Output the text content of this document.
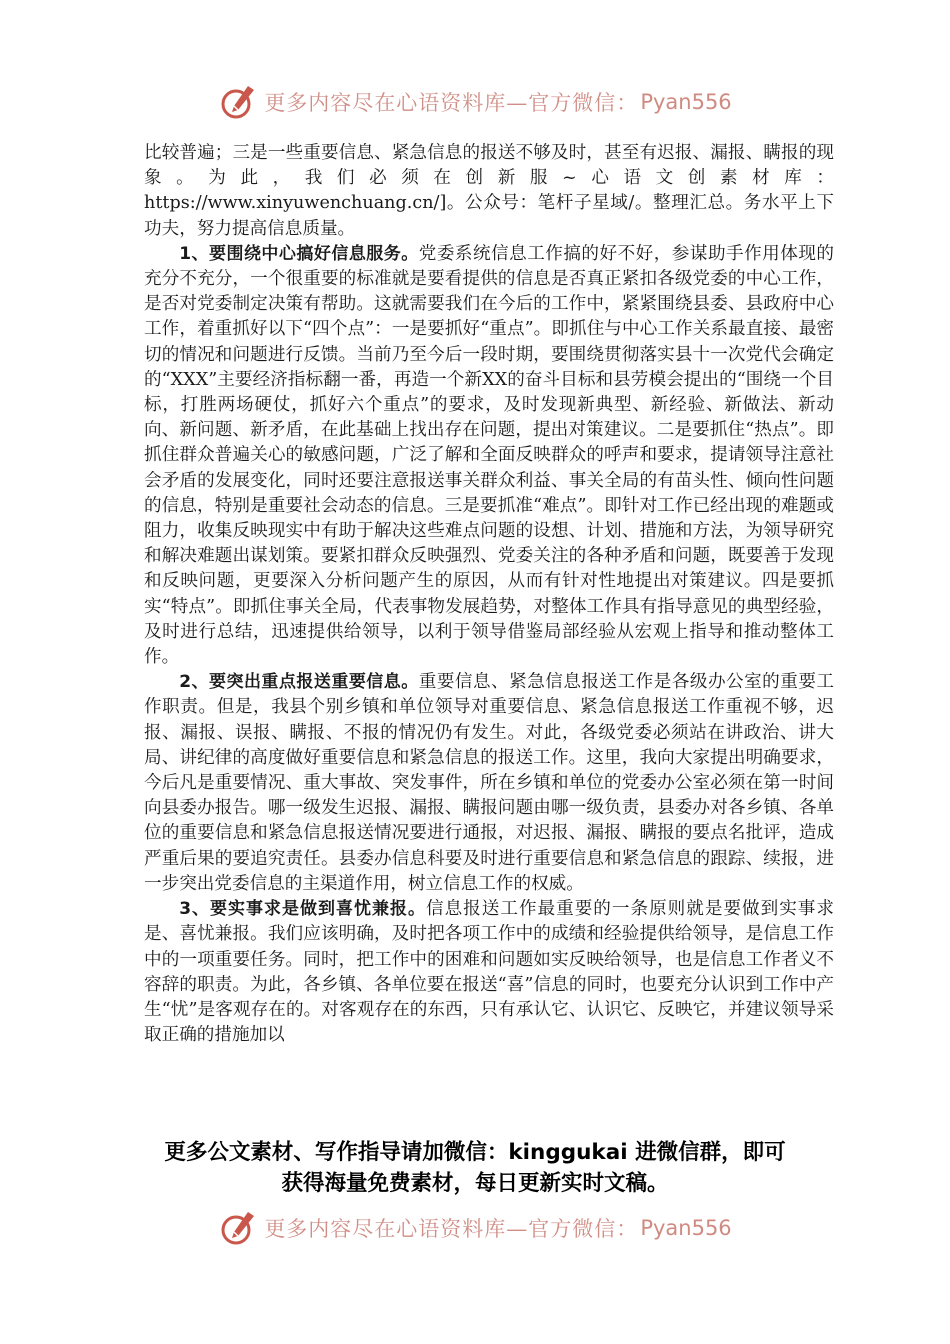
更多内容尽在心语资料库—官方微信： Pyan556

比较普遍；三是一些重要信息、紧急信息的报送不够及时，甚至有迟报、漏报、瞒报的现象。为此，我们必须在创新服~心语文创素材库：https://www.xinyuwenchuang.cn/]。公众号：笔杆子星域/。整理汇总。务水平上下功夫，努力提高信息质量。

1、要围绕中心搞好信息服务。党委系统信息工作搞的好不好，参谋助手作用体现的充分不充分，一个很重要的标准就是要看提供的信息是否真正紧扣各级党委的中心工作，是否对党委制定决策有帮助。这就需要我们在今后的工作中，紧紧围绕县委、县政府中心工作，着重抓好以下“四个点”：一是要抓好“重点”。即抓住与中心工作关系最直接、最密切的情况和问题进行反馈。当前乃至今后一段时期，要围绕贯彻落实县十一次党代会确定的“XXX”主要经济指标翻一番，再造一个新XX的奋斗目标和县劳模会提出的“围绕一个目标，打胜两场硬仗，抓好六个重点”的要求，及时发现新典型、新经验、新做法、新动向、新问题、新矛盾，在此基础上找出存在问题，提出对策建议。二是要抓住“热点”。即抓住群众普遍关心的敏感问题，广泛了解和全面反映群众的呼声和要求，提请领导注意社会矛盾的发展变化，同时还要注意报送事关群众利益、事关全局的有苗头性、倾向性问题的信息，特别是重要社会动态的信息。三是要抓准“难点”。即针对工作已经出现的难题或阻力，收集反映现实中有助于解决这些难点问题的设想、计划、措施和方法，为领导研究和解决难题出谋划策。要紧扣群众反映强烈、党委关注的各种矛盾和问题，既要善于发现和反映问题，更要深入分析问题产生的原因，从而有针对性地提出对策建议。四是要抓实“特点”。即抓住事关全局，代表事物发展趋势，对整体工作具有指导意见的典型经验，及时进行总结，迅速提供给领导，以利于领导借鉴局部经验从宏观上指导和推动整体工作。

2、要突出重点报送重要信息。重要信息、紧急信息报送工作是各级办公室的重要工作职责。但是，我县个别乡镇和单位领导对重要信息、紧急信息报送工作重视不够，迟报、漏报、误报、瞒报、不报的情况仍有发生。对此，各级党委必须站在讲政治、讲大局、讲纪律的高度做好重要信息和紧急信息的报送工作。这里，我向大家提出明确要求，今后凡是重要情况、重大事故、突发事件，所在乡镇和单位的党委办公室必须在第一时间向县委办报告。哪一级发生迟报、漏报、瞒报问题由哪一级负责，县委办对各乡镇、各单位的重要信息和紧急信息报送情况要进行通报，对迟报、漏报、瞒报的要点名批评，造成严重后果的要追究责任。县委办信息科要及时进行重要信息和紧急信息的跟踪、续报，进一步突出党委信息的主渠道作用，树立信息工作的权威。

3、要实事求是做到喜忧兼报。信息报送工作最重要的一条原则就是要做到实事求是、喜忧兼报。我们应该明确，及时把各项工作中的成绩和经验提供给领导，是信息工作中的一项重要任务。同时，把工作中的困难和问题如实反映给领导，也是信息工作者义不容辞的职责。为此，各乡镇、各单位要在报送“喜”信息的同时，也要充分认识到工作中产生“忧”是客观存在的。对客观存在的东西，只有承认它、认识它、反映它，并建议领导采取正确的措施加以

更多公文素材、写作指导请加微信：kinggukai 进微信群，即可

获得海量免费素材，每日更新实时文稿。

更多内容尽在心语资料库—官方微信： Pyan556
